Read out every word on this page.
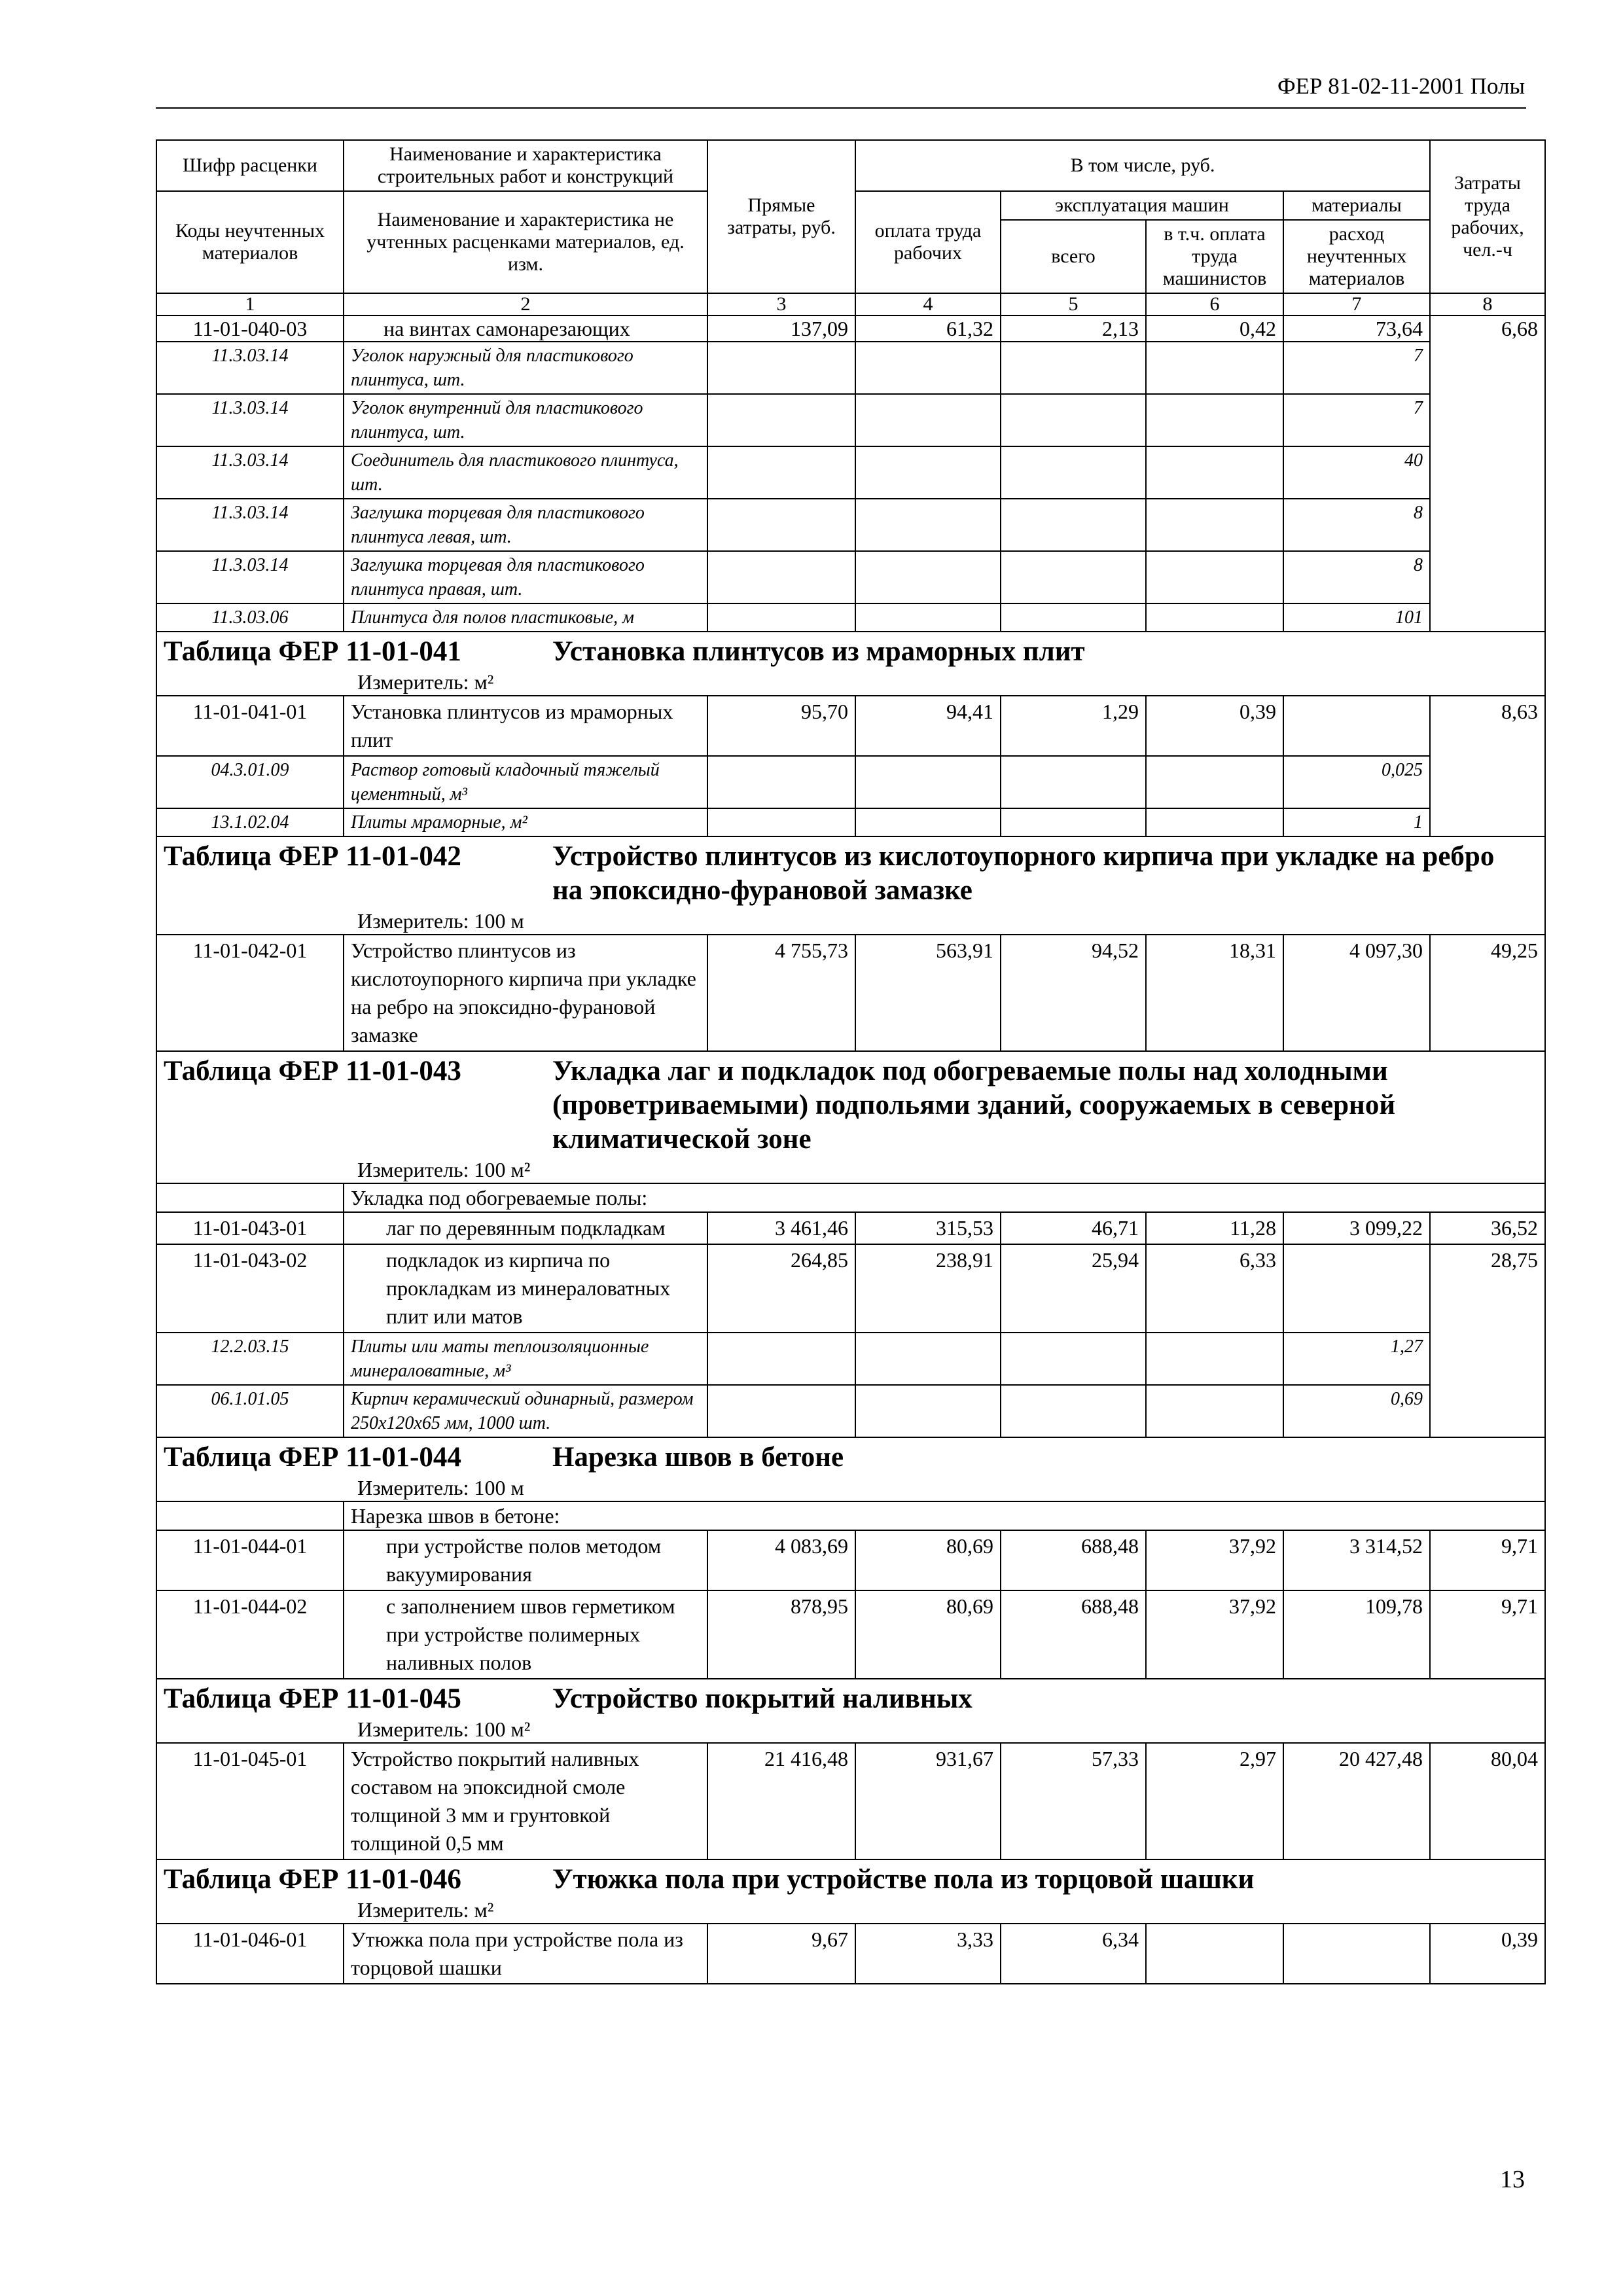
ФЕР 81-02-11-2001 Полы
Шифр расценки	Наименование и характеристика строительных работ и конструкций	Прямые затраты, руб.	В том числе, руб.				Затраты труда рабочих, чел.-ч
Коды неучтенных материалов	Наименование и характеристика не учтенных расценками материалов, ед. изм.		оплата труда рабочих	эксплуатация машин		материалы	
				всего	в т.ч. оплата труда машинистов	расход неучтенных материалов	
1	2	3	4	5	6	7	8
11-01-040-03	на винтах самонарезающих	137,09	61,32	2,13	0,42	73,64	6,68
11.3.03.14	Уголок наружный для пластикового плинтуса, шт.					7	
11.3.03.14	Уголок внутренний для пластикового плинтуса, шт.					7	
11.3.03.14	Соединитель для пластикового плинтуса, шт.					40	
11.3.03.14	Заглушка торцевая для пластикового плинтуса левая, шт.					8	
11.3.03.14	Заглушка торцевая для пластикового плинтуса правая, шт.					8	
11.3.03.06	Плинтуса для полов пластиковые, м					101	
Таблица ФЕР 11-01-041 Установка плинтусов из мраморных плит
Измеритель: м²							

11-01-041-01	Установка плинтусов из мраморных плит	95,70	94,41	1,29	0,39		8,63
04.3.01.09	Раствор готовый кладочный тяжелый цементный, м³					0,025	
13.1.02.04	Плиты мраморные, м²					1	
Таблица ФЕР 11-01-042 Устройство плинтусов из кислотоупорного кирпича при укладке на ребро на эпоксидно-фурановой замазке
Измеритель: 100 м							

11-01-042-01	Устройство плинтусов из кислотоупорного кирпича при укладке на ребро на эпоксидно-фурановой замазке	4 755,73	563,91	94,52	18,31	4 097,30	49,25
Таблица ФЕР 11-01-043 Укладка лаг и подкладок под обогреваемые полы над холодными (проветриваемыми) подпольями зданий, сооружаемых в северной климатической зоне
Измеритель: 100 м²							

	Укладка под обогреваемые полы:						
11-01-043-01	лаг по деревянным подкладкам	3 461,46	315,53	46,71	11,28	3 099,22	36,52
11-01-043-02	подкладок из кирпича по прокладкам из минераловатных плит или матов	264,85	238,91	25,94	6,33		28,75
12.2.03.15	Плиты или маты теплоизоляционные минераловатные, м³					1,27	
06.1.01.05	Кирпич керамический одинарный, размером 250х120х65 мм, 1000 шт.					0,69	
Таблица ФЕР 11-01-044 Нарезка швов в бетоне
Измеритель: 100 м							

	Нарезка швов в бетоне:						
11-01-044-01	при устройстве полов методом вакуумирования	4 083,69	80,69	688,48	37,92	3 314,52	9,71
11-01-044-02	с заполнением швов герметиком при устройстве полимерных наливных полов	878,95	80,69	688,48	37,92	109,78	9,71
Таблица ФЕР 11-01-045 Устройство покрытий наливных
Измеритель: 100 м²							

11-01-045-01	Устройство покрытий наливных составом на эпоксидной смоле толщиной 3 мм и грунтовкой толщиной 0,5 мм	21 416,48	931,67	57,33	2,97	20 427,48	80,04
Таблица ФЕР 11-01-046 Утюжка пола при устройстве пола из торцовой шашки
Измеритель: м²							

11-01-046-01	Утюжка пола при устройстве пола из торцовой шашки	9,67	3,33	6,34			0,39
13
